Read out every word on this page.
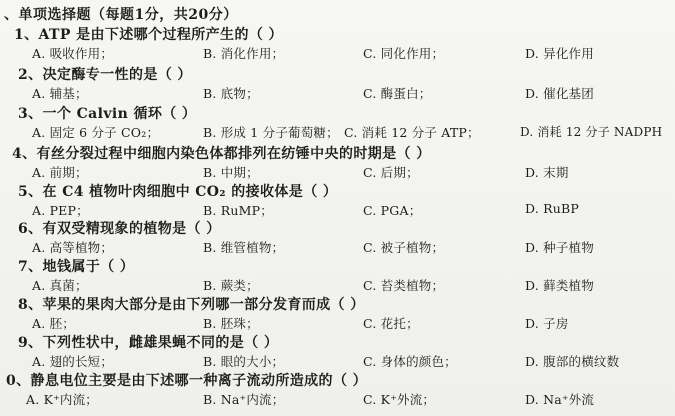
、单项选择题（每题1分，共20分）
1、ATP 是由下述哪个过程所产生的（ ）
A. 吸收作用；	B. 消化作用；	C. 同化作用；	D. 异化作用
2、决定酶专一性的是（ ）
A. 辅基；	B. 底物；	C. 酶蛋白；	D. 催化基团
3、一个 Calvin 循环（ ）
A. 固定 6 分子 CO₂；	B. 形成 1 分子葡萄糖； C. 消耗 12 分子 ATP；	D. 消耗 12 分子 NADPH
4、有丝分裂过程中细胞内染色体都排列在纺锤中央的时期是（ ）
A. 前期；	B. 中期；	C. 后期；	D. 末期
5、在 C4 植物叶肉细胞中 CO₂ 的接收体是（ ）
A. PEP；	B. RuMP；	C. PGA；	D. RuBP
6、有双受精现象的植物是（ ）
A. 高等植物；	B. 维管植物；	C. 被子植物；	D. 种子植物
7、地钱属于（ ）
A. 真菌；	B. 蕨类；	C. 苔类植物；	D. 藓类植物
8、苹果的果肉大部分是由下列哪一部分发育而成（ ）
A. 胚；	B. 胚珠；	C. 花托；	D. 子房
9、下列性状中，雌雄果蝇不同的是（ ）
A. 翅的长短；	B. 眼的大小；	C. 身体的颜色；	D. 腹部的横纹数
0、静息电位主要是由下述哪一种离子流动所造成的（ ）
A. K⁺内流；	B. Na⁺内流；	C. K⁺外流；	D. Na⁺外流
